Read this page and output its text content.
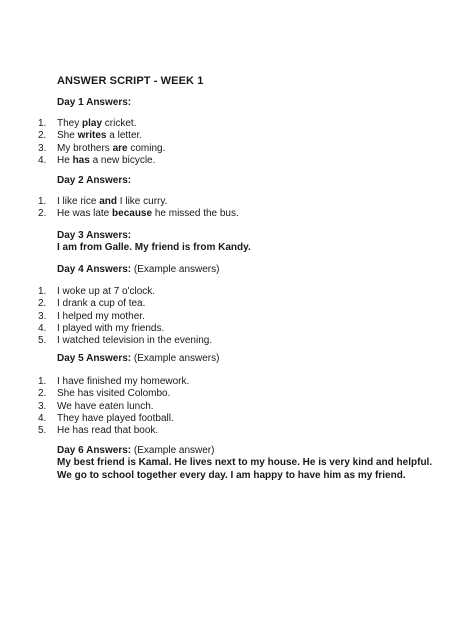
ANSWER SCRIPT - WEEK 1
Day 1 Answers:
1.	They play cricket.
2.	She writes a letter.
3.	My brothers are coming.
4.	He has a new bicycle.
Day 2 Answers:
1.	I like rice and I like curry.
2.	He was late because he missed the bus.
Day 3 Answers:
I am from Galle. My friend is from Kandy.
Day 4 Answers: (Example answers)
1.	I woke up at 7 o'clock.
2.	I drank a cup of tea.
3.	I helped my mother.
4.	I played with my friends.
5.	I watched television in the evening.
Day 5 Answers: (Example answers)
1.	I have finished my homework.
2.	She has visited Colombo.
3.	We have eaten lunch.
4.	They have played football.
5.	He has read that book.
Day 6 Answers: (Example answer)
My best friend is Kamal. He lives next to my house. He is very kind and helpful.
We go to school together every day. I am happy to have him as my friend.
